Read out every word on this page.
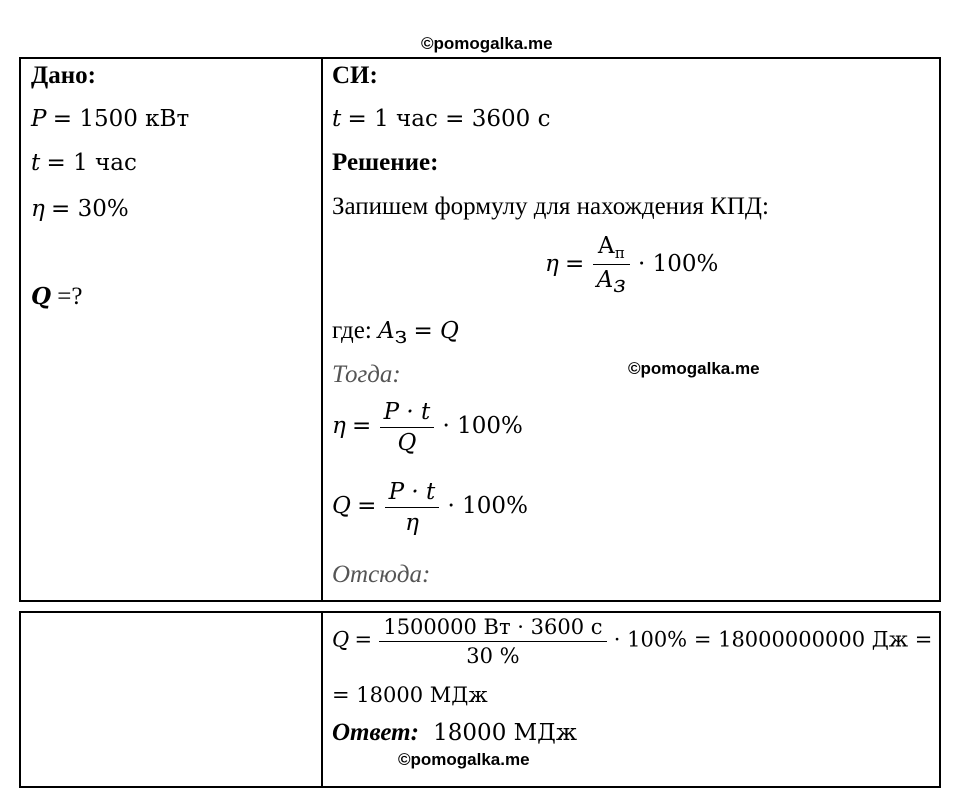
©pomogalka.me
©pomogalka.me
©pomogalka.me
Дано:
P = 1500 кВт
t = 1 час
η = 30%
Q =?
СИ:
t = 1 час = 3600 с
Решение:
Запишем формулу для нахождения КПД:
$\eta = \frac{А_п}{A_з} \cdot 100\%$
где: $A_з = Q$
Тогда:
$\eta = \frac{P \cdot t}{Q} \cdot 100\%$
$Q = \frac{P \cdot t}{\eta} \cdot 100\%$
Отсюда:
$Q = \frac{1500000 Вт \cdot 3600 с}{30 \%} \cdot 100\% = 18000000000$ Дж =
= 18000 МДж
Ответ: 18000 МДж
